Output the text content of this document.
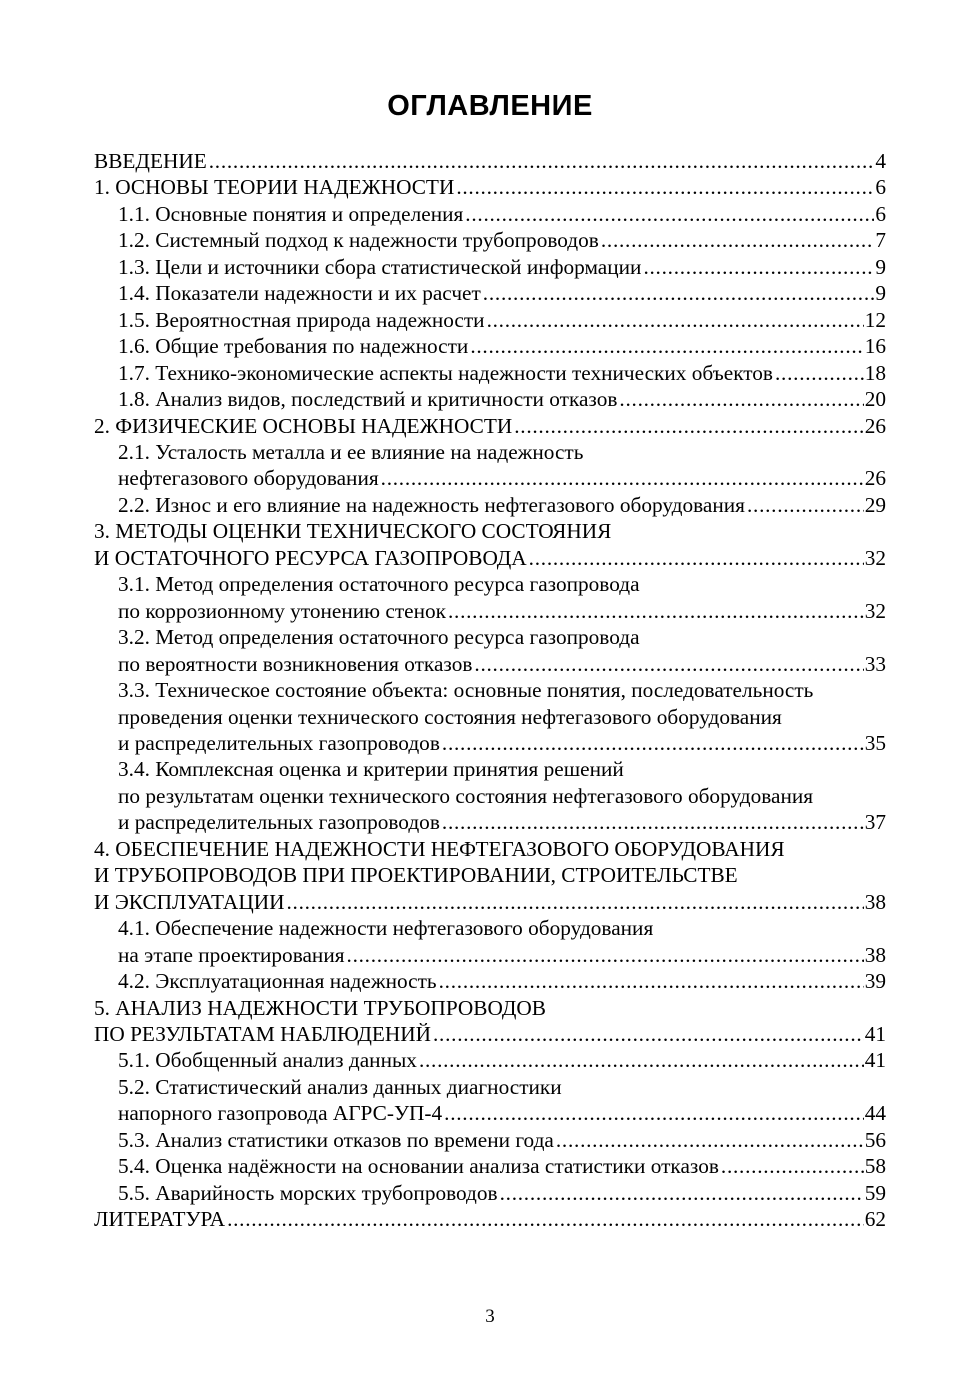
ОГЛАВЛЕНИЕ
ВВЕДЕНИЕ . . .	4
1. ОСНОВЫ ТЕОРИИ НАДЕЖНОСТИ . . .	6
1.1. Основные понятия и определения . . .	6
1.2. Системный подход к надежности трубопроводов . . .	7
1.3. Цели и источники сбора статистической информации . . .	9
1.4. Показатели надежности и их расчет . . .	9
1.5. Вероятностная природа надежности . . .	12
1.6. Общие требования по надежности . . .	16
1.7. Технико-экономические аспекты надежности технических объектов . . .	18
1.8. Анализ видов, последствий и критичности отказов . . .	20
2. ФИЗИЧЕСКИЕ ОСНОВЫ НАДЕЖНОСТИ . . .	26
2.1. Усталость металла и ее влияние на надежность
нефтегазового оборудования . . .	26
2.2. Износ и его влияние на надежность нефтегазового оборудования . . .	29
3. МЕТОДЫ ОЦЕНКИ ТЕХНИЧЕСКОГО СОСТОЯНИЯ
И ОСТАТОЧНОГО РЕСУРСА ГАЗОПРОВОДА . . .	32
3.1. Метод определения остаточного ресурса газопровода
по коррозионному утонению стенок . . .	32
3.2. Метод определения остаточного ресурса газопровода
по вероятности возникновения отказов . . .	33
3.3. Техническое состояние объекта: основные понятия, последовательность
проведения оценки технического состояния нефтегазового оборудования
и распределительных газопроводов . . .	35
3.4. Комплексная оценка и критерии принятия решений
по результатам оценки технического состояния нефтегазового оборудования
и распределительных газопроводов . . .	37
4. ОБЕСПЕЧЕНИЕ НАДЕЖНОСТИ НЕФТЕГАЗОВОГО ОБОРУДОВАНИЯ
И ТРУБОПРОВОДОВ ПРИ ПРОЕКТИРОВАНИИ, СТРОИТЕЛЬСТВЕ
И ЭКСПЛУАТАЦИИ . . .	38
4.1. Обеспечение надежности нефтегазового оборудования
на этапе проектирования . . .	38
4.2. Эксплуатационная надежность . . .	39
5. АНАЛИЗ НАДЕЖНОСТИ ТРУБОПРОВОДОВ
ПО РЕЗУЛЬТАТАМ НАБЛЮДЕНИЙ . . .	41
5.1. Обобщенный анализ данных . . .	41
5.2. Статистический анализ данных диагностики
напорного газопровода АГРС-УП-4 . . .	44
5.3. Анализ статистики отказов по времени года . . .	56
5.4. Оценка надёжности на основании анализа статистики отказов . . .	58
5.5. Аварийность морских трубопроводов . . .	59
ЛИТЕРАТУРА . . .	62
3
